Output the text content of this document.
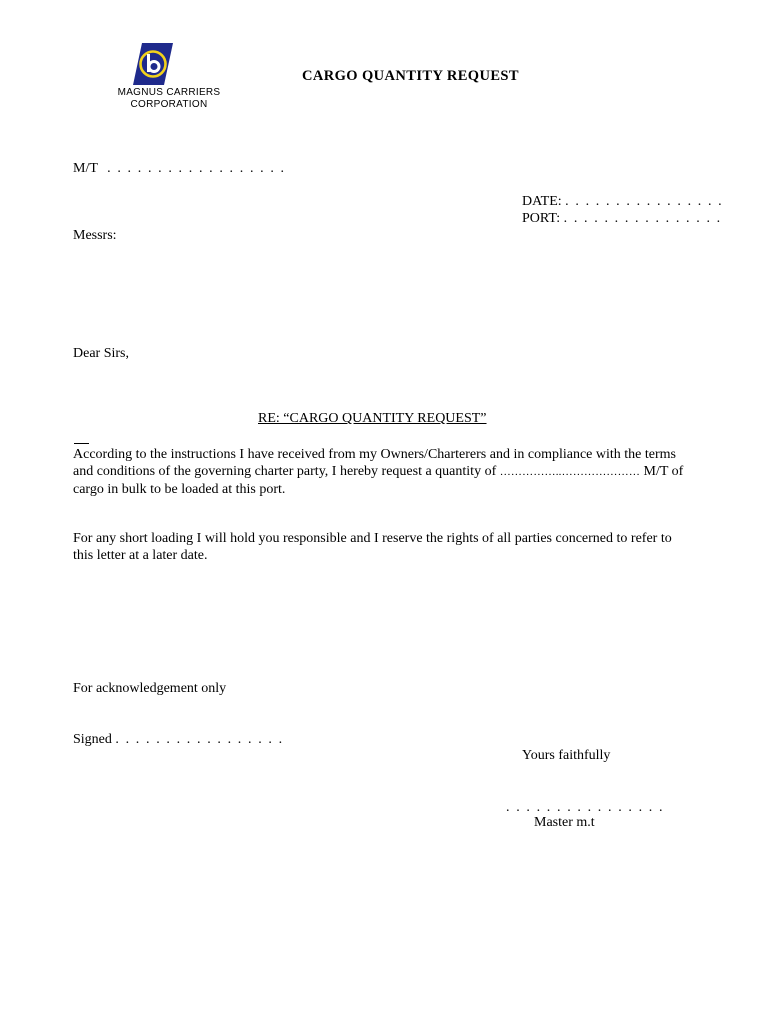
MAGNUS CARRIERS
CORPORATION
CARGO QUANTITY REQUEST
M/T . . . . . . . . . . . . . . . . . .
DATE: . . . . . . . . . . . . . . . .
PORT: . . . . . . . . . . . . . . . .
Messrs:
Dear Sirs,
RE: “CARGO QUANTITY REQUEST”
According to the instructions I have received from my Owners/Charterers and in compliance with the terms and conditions of the governing charter party, I hereby request a quantity of ……………..………………… M/T of cargo in bulk to be loaded at this port.
For any short loading I will hold you responsible and I reserve the rights of all parties concerned to refer to this letter at a later date.
For acknowledgement only
Signed . . . . . . . . . . . . . . . . .
Yours faithfully
. . . . . . . . . . . . . . . .
Master m.t
